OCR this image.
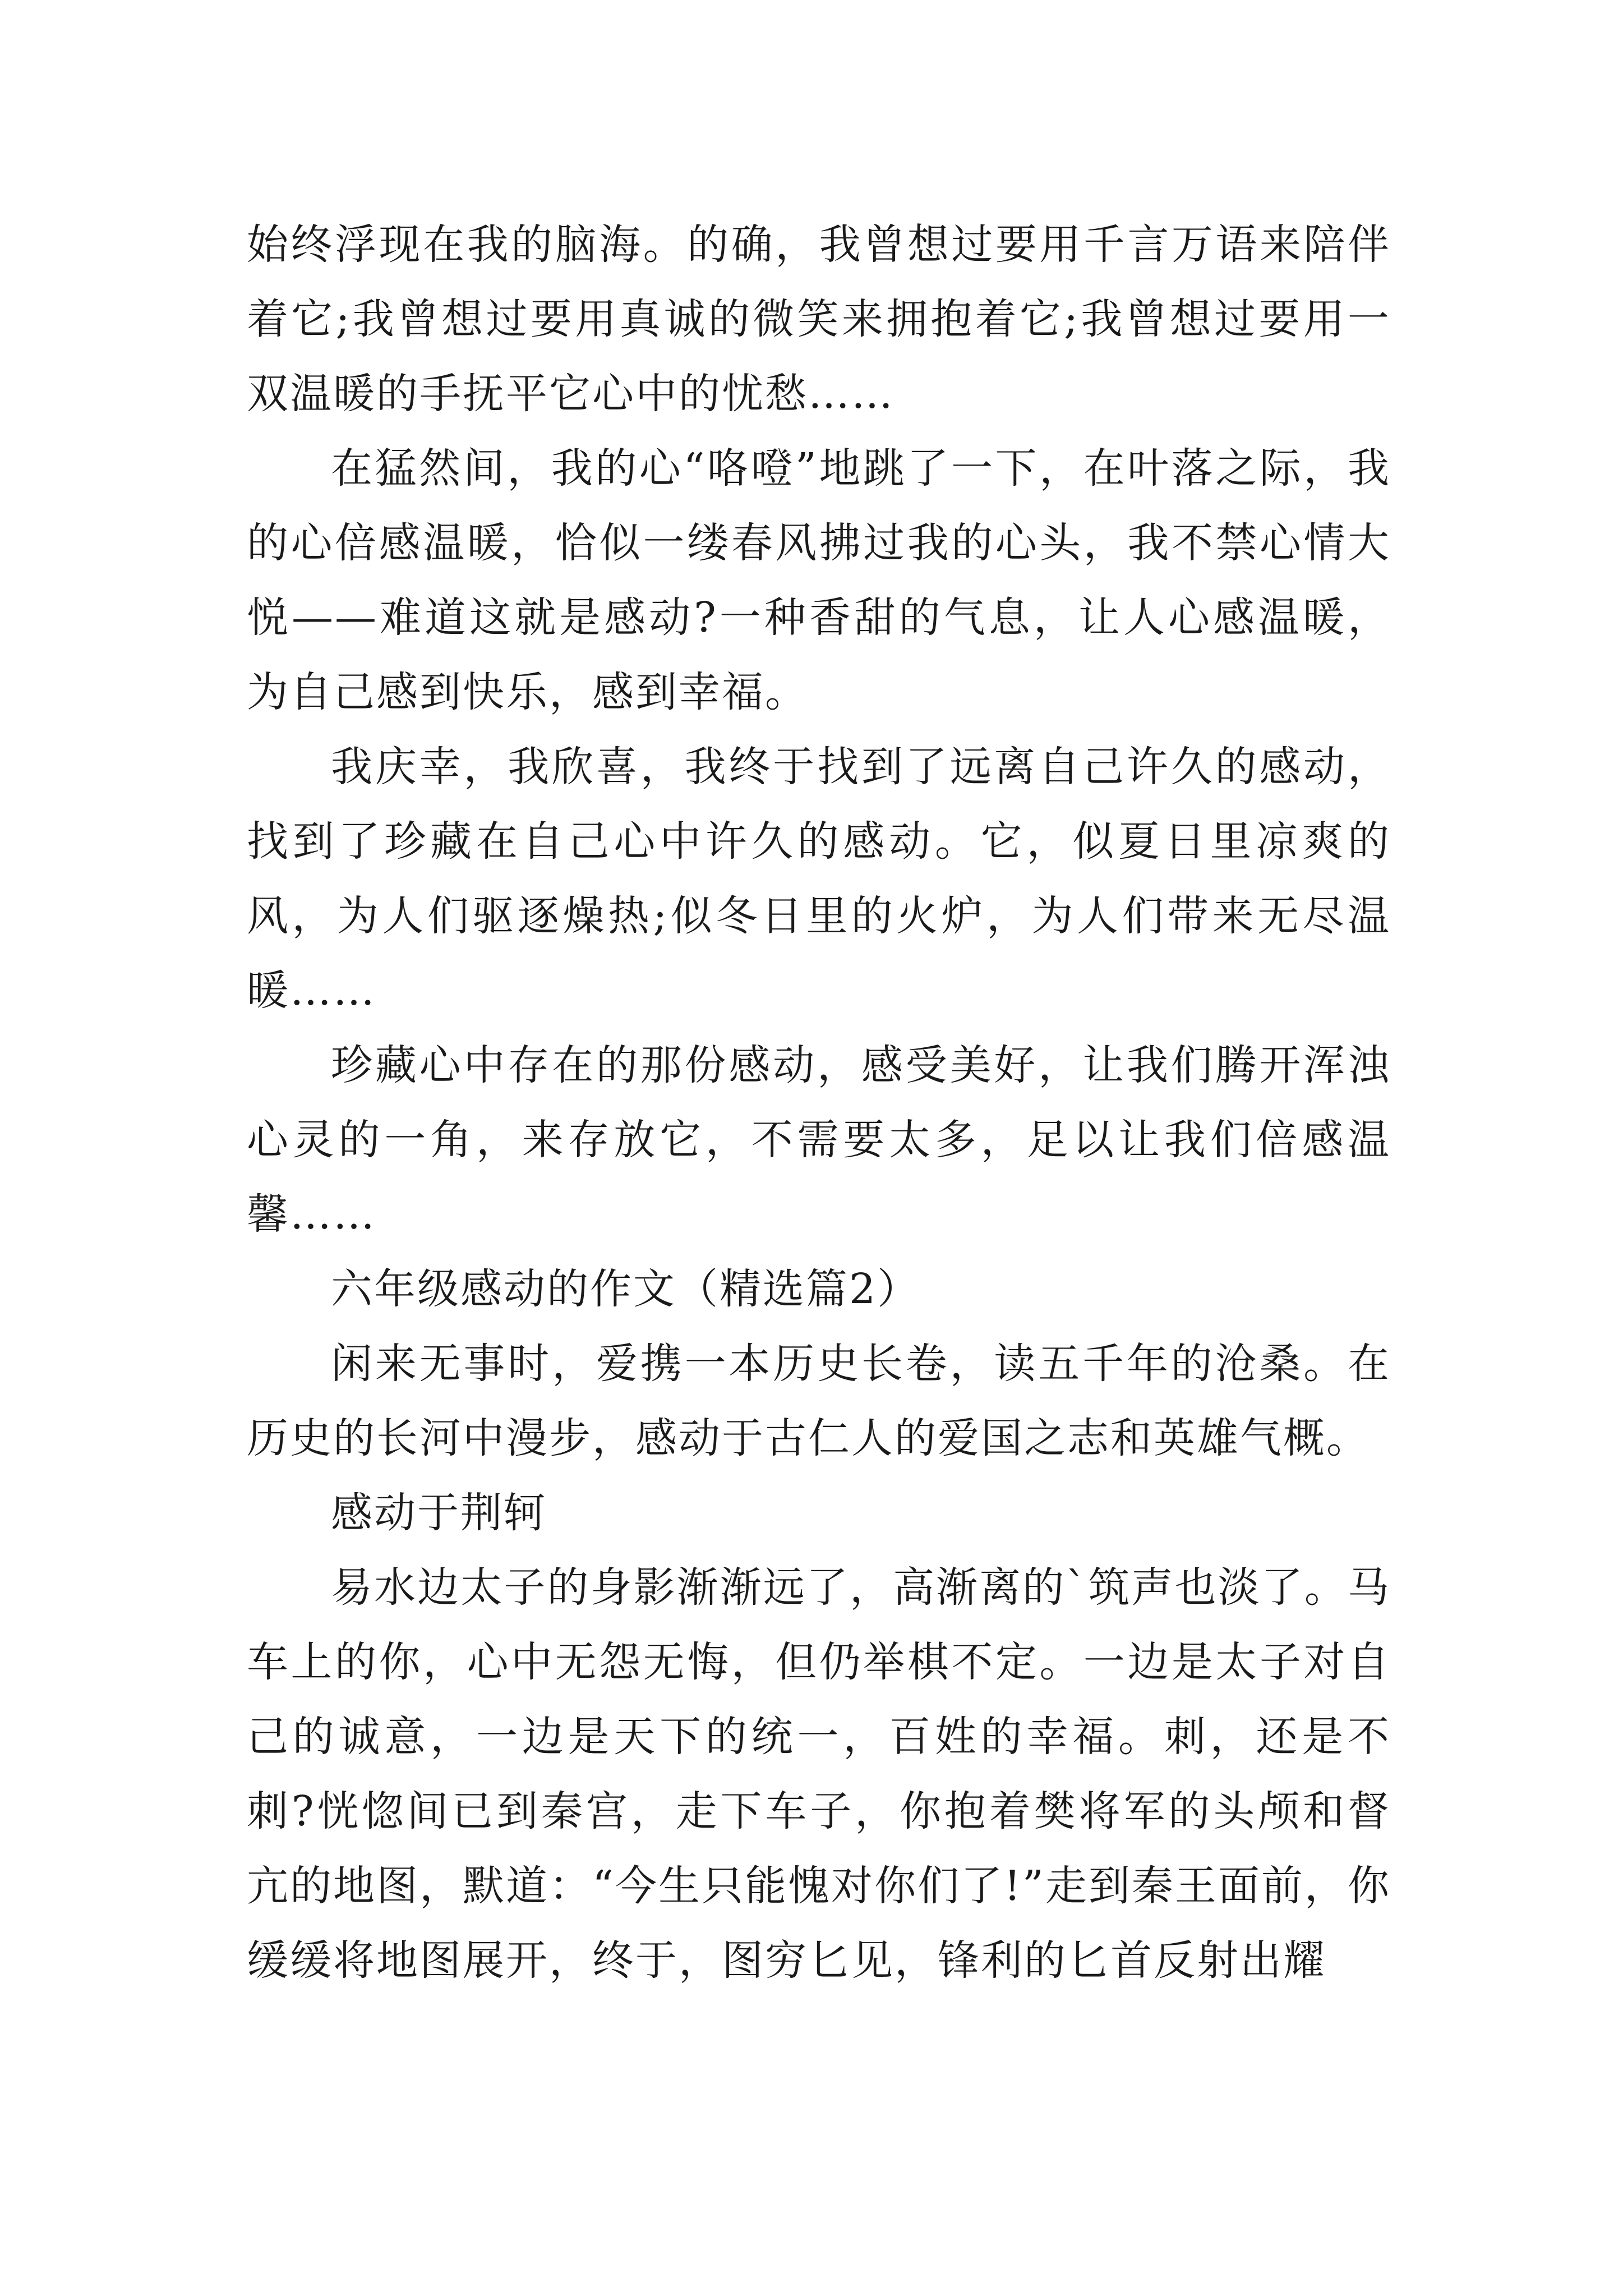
始终浮现在我的脑海。的确，我曾想过要用千言万语来陪伴着它;我曾想过要用真诚的微笑来拥抱着它;我曾想过要用一双温暖的手抚平它心中的忧愁……

在猛然间，我的心“咯噔”地跳了一下，在叶落之际，我的心倍感温暖，恰似一缕春风拂过我的心头，我不禁心情大悦——难道这就是感动?一种香甜的气息，让人心感温暖，为自己感到快乐，感到幸福。

我庆幸，我欣喜，我终于找到了远离自己许久的感动，找到了珍藏在自己心中许久的感动。它，似夏日里凉爽的风，为人们驱逐燥热;似冬日里的火炉，为人们带来无尽温暖……

珍藏心中存在的那份感动，感受美好，让我们腾开浑浊心灵的一角，来存放它，不需要太多，足以让我们倍感温馨……

六年级感动的作文（精选篇2）

闲来无事时，爱携一本历史长卷，读五千年的沧桑。在历史的长河中漫步，感动于古仁人的爱国之志和英雄气概。

感动于荆轲

易水边太子的身影渐渐远了，高渐离的`筑声也淡了。马车上的你，心中无怨无悔，但仍举棋不定。一边是太子对自己的诚意，一边是天下的统一，百姓的幸福。刺，还是不刺?恍惚间已到秦宫，走下车子，你抱着樊将军的头颅和督亢的地图，默道：“今生只能愧对你们了!”走到秦王面前，你缓缓将地图展开，终于，图穷匕见，锋利的匕首反射出耀
